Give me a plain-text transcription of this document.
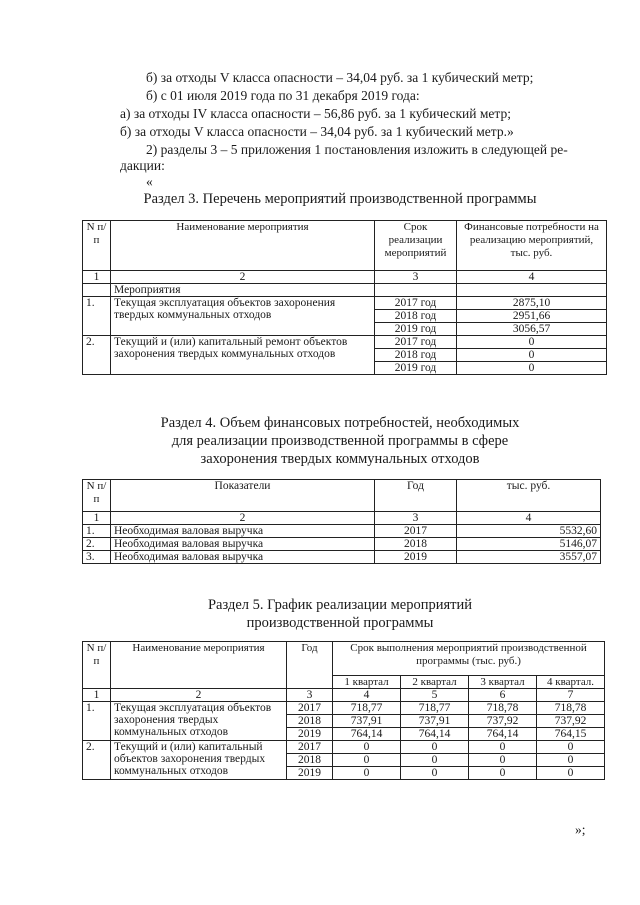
б) за отходы V класса опасности – 34,04 руб. за 1 кубический метр;
б) с 01 июля 2019 года по 31 декабря 2019 года:
а) за отходы IV класса опасности – 56,86 руб. за 1 кубический метр;
б) за отходы V класса опасности – 34,04 руб. за 1 кубический метр.»
2) разделы 3 – 5 приложения 1 постановления изложить в следующей ре-
дакции:
«
Раздел 3. Перечень мероприятий производственной программы
N п/п	Наименование мероприятия	Срок реализации мероприятий	Финансовые потребности на реализацию мероприятий, тыс. руб.
1	2	3	4
	Мероприятия		
1.	Текущая эксплуатация объектов захоронения твердых коммунальных отходов	2017 год	2875,10
		2018 год	2951,66
		2019 год	3056,57
2.	Текущий и (или) капитальный ремонт объектов захоронения твердых коммунальных отходов	2017 год	0
		2018 год	0
		2019 год	0
Раздел 4. Объем финансовых потребностей, необходимых
для реализации производственной программы в сфере
захоронения твердых коммунальных отходов
N п/п	Показатели	Год	тыс. руб.
1	2	3	4
1.	Необходимая валовая выручка	2017	5532,60
2.	Необходимая валовая выручка	2018	5146,07
3.	Необходимая валовая выручка	2019	3557,07
Раздел 5. График реализации мероприятий
производственной программы
N п/п	Наименование мероприятия	Год	Срок выполнения мероприятий производственной программы (тыс. руб.)			
			1 квартал	2 квартал	3 квартал	4 квартал.
1	2	3	4	5	6	7
1.	Текущая эксплуатация объектов захоронения твердых коммунальных отходов	2017	718,77	718,77	718,78	718,78
		2018	737,91	737,91	737,92	737,92
		2019	764,14	764,14	764,14	764,15
2.	Текущий и (или) капитальный объектов захоронения твердых коммунальных отходов	2017	0	0	0	0
		2018	0	0	0	0
		2019	0	0	0	0
»;
